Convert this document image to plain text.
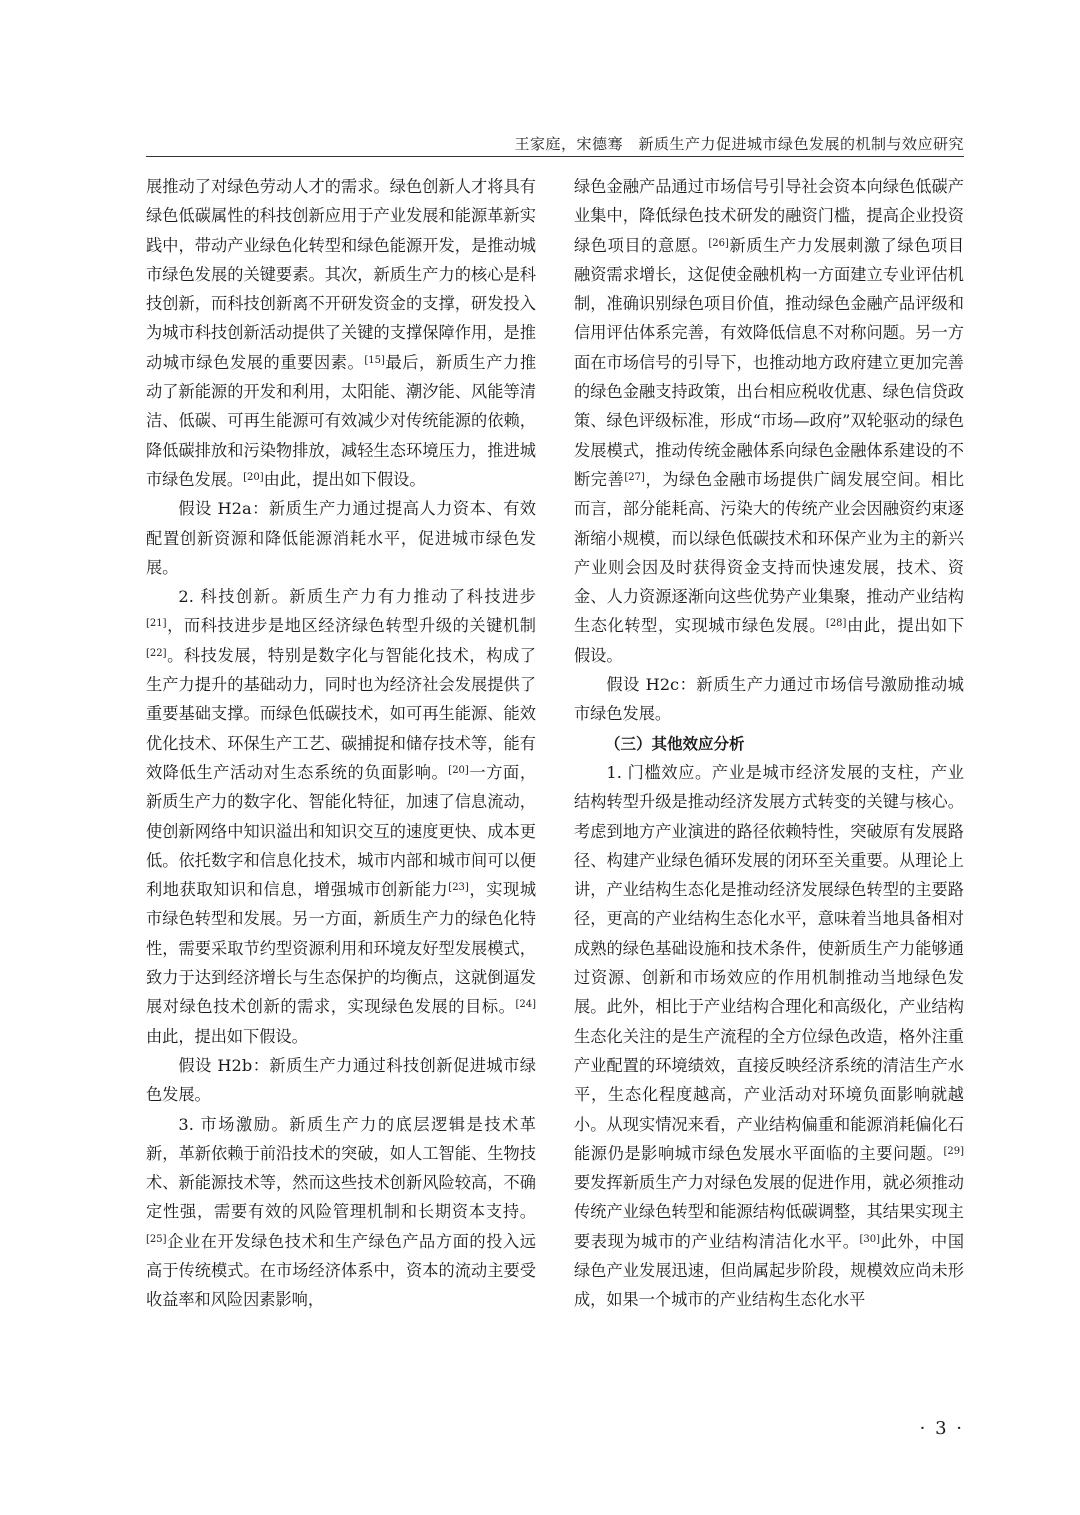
王家庭，宋德骞　新质生产力促进城市绿色发展的机制与效应研究

展推动了对绿色劳动人才的需求。绿色创新人才将具有绿色低碳属性的科技创新应用于产业发展和能源革新实践中，带动产业绿色化转型和绿色能源开发，是推动城市绿色发展的关键要素。其次，新质生产力的核心是科技创新，而科技创新离不开研发资金的支撑，研发投入为城市科技创新活动提供了关键的支撑保障作用，是推动城市绿色发展的重要因素。[15]最后，新质生产力推动了新能源的开发和利用，太阳能、潮汐能、风能等清洁、低碳、可再生能源可有效减少对传统能源的依赖，降低碳排放和污染物排放，减轻生态环境压力，推进城市绿色发展。[20]由此，提出如下假设。

假设 H2a：新质生产力通过提高人力资本、有效配置创新资源和降低能源消耗水平，促进城市绿色发展。

2. 科技创新。新质生产力有力推动了科技进步[21]，而科技进步是地区经济绿色转型升级的关键机制[22]。科技发展，特别是数字化与智能化技术，构成了生产力提升的基础动力，同时也为经济社会发展提供了重要基础支撑。而绿色低碳技术，如可再生能源、能效优化技术、环保生产工艺、碳捕捉和储存技术等，能有效降低生产活动对生态系统的负面影响。[20]一方面，新质生产力的数字化、智能化特征，加速了信息流动，使创新网络中知识溢出和知识交互的速度更快、成本更低。依托数字和信息化技术，城市内部和城市间可以便利地获取知识和信息，增强城市创新能力[23]，实现城市绿色转型和发展。另一方面，新质生产力的绿色化特性，需要采取节约型资源利用和环境友好型发展模式，致力于达到经济增长与生态保护的均衡点，这就倒逼发展对绿色技术创新的需求，实现绿色发展的目标。[24]由此，提出如下假设。

假设 H2b：新质生产力通过科技创新促进城市绿色发展。

3. 市场激励。新质生产力的底层逻辑是技术革新，革新依赖于前沿技术的突破，如人工智能、生物技术、新能源技术等，然而这些技术创新风险较高，不确定性强，需要有效的风险管理机制和长期资本支持。[25]企业在开发绿色技术和生产绿色产品方面的投入远高于传统模式。在市场经济体系中，资本的流动主要受收益率和风险因素影响，

绿色金融产品通过市场信号引导社会资本向绿色低碳产业集中，降低绿色技术研发的融资门槛，提高企业投资绿色项目的意愿。[26]新质生产力发展刺激了绿色项目融资需求增长，这促使金融机构一方面建立专业评估机制，准确识别绿色项目价值，推动绿色金融产品评级和信用评估体系完善，有效降低信息不对称问题。另一方面在市场信号的引导下，也推动地方政府建立更加完善的绿色金融支持政策，出台相应税收优惠、绿色信贷政策、绿色评级标准，形成“市场—政府”双轮驱动的绿色发展模式，推动传统金融体系向绿色金融体系建设的不断完善[27]，为绿色金融市场提供广阔发展空间。相比而言，部分能耗高、污染大的传统产业会因融资约束逐渐缩小规模，而以绿色低碳技术和环保产业为主的新兴产业则会因及时获得资金支持而快速发展，技术、资金、人力资源逐渐向这些优势产业集聚，推动产业结构生态化转型，实现城市绿色发展。[28]由此，提出如下假设。

假设 H2c：新质生产力通过市场信号激励推动城市绿色发展。

（三）其他效应分析

1. 门槛效应。产业是城市经济发展的支柱，产业结构转型升级是推动经济发展方式转变的关键与核心。考虑到地方产业演进的路径依赖特性，突破原有发展路径、构建产业绿色循环发展的闭环至关重要。从理论上讲，产业结构生态化是推动经济发展绿色转型的主要路径，更高的产业结构生态化水平，意味着当地具备相对成熟的绿色基础设施和技术条件，使新质生产力能够通过资源、创新和市场效应的作用机制推动当地绿色发展。此外，相比于产业结构合理化和高级化，产业结构生态化关注的是生产流程的全方位绿色改造，格外注重产业配置的环境绩效，直接反映经济系统的清洁生产水平，生态化程度越高，产业活动对环境负面影响就越小。从现实情况来看，产业结构偏重和能源消耗偏化石能源仍是影响城市绿色发展水平面临的主要问题。[29]要发挥新质生产力对绿色发展的促进作用，就必须推动传统产业绿色转型和能源结构低碳调整，其结果实现主要表现为城市的产业结构清洁化水平。[30]此外，中国绿色产业发展迅速，但尚属起步阶段，规模效应尚未形成，如果一个城市的产业结构生态化水平

· 3 ·
